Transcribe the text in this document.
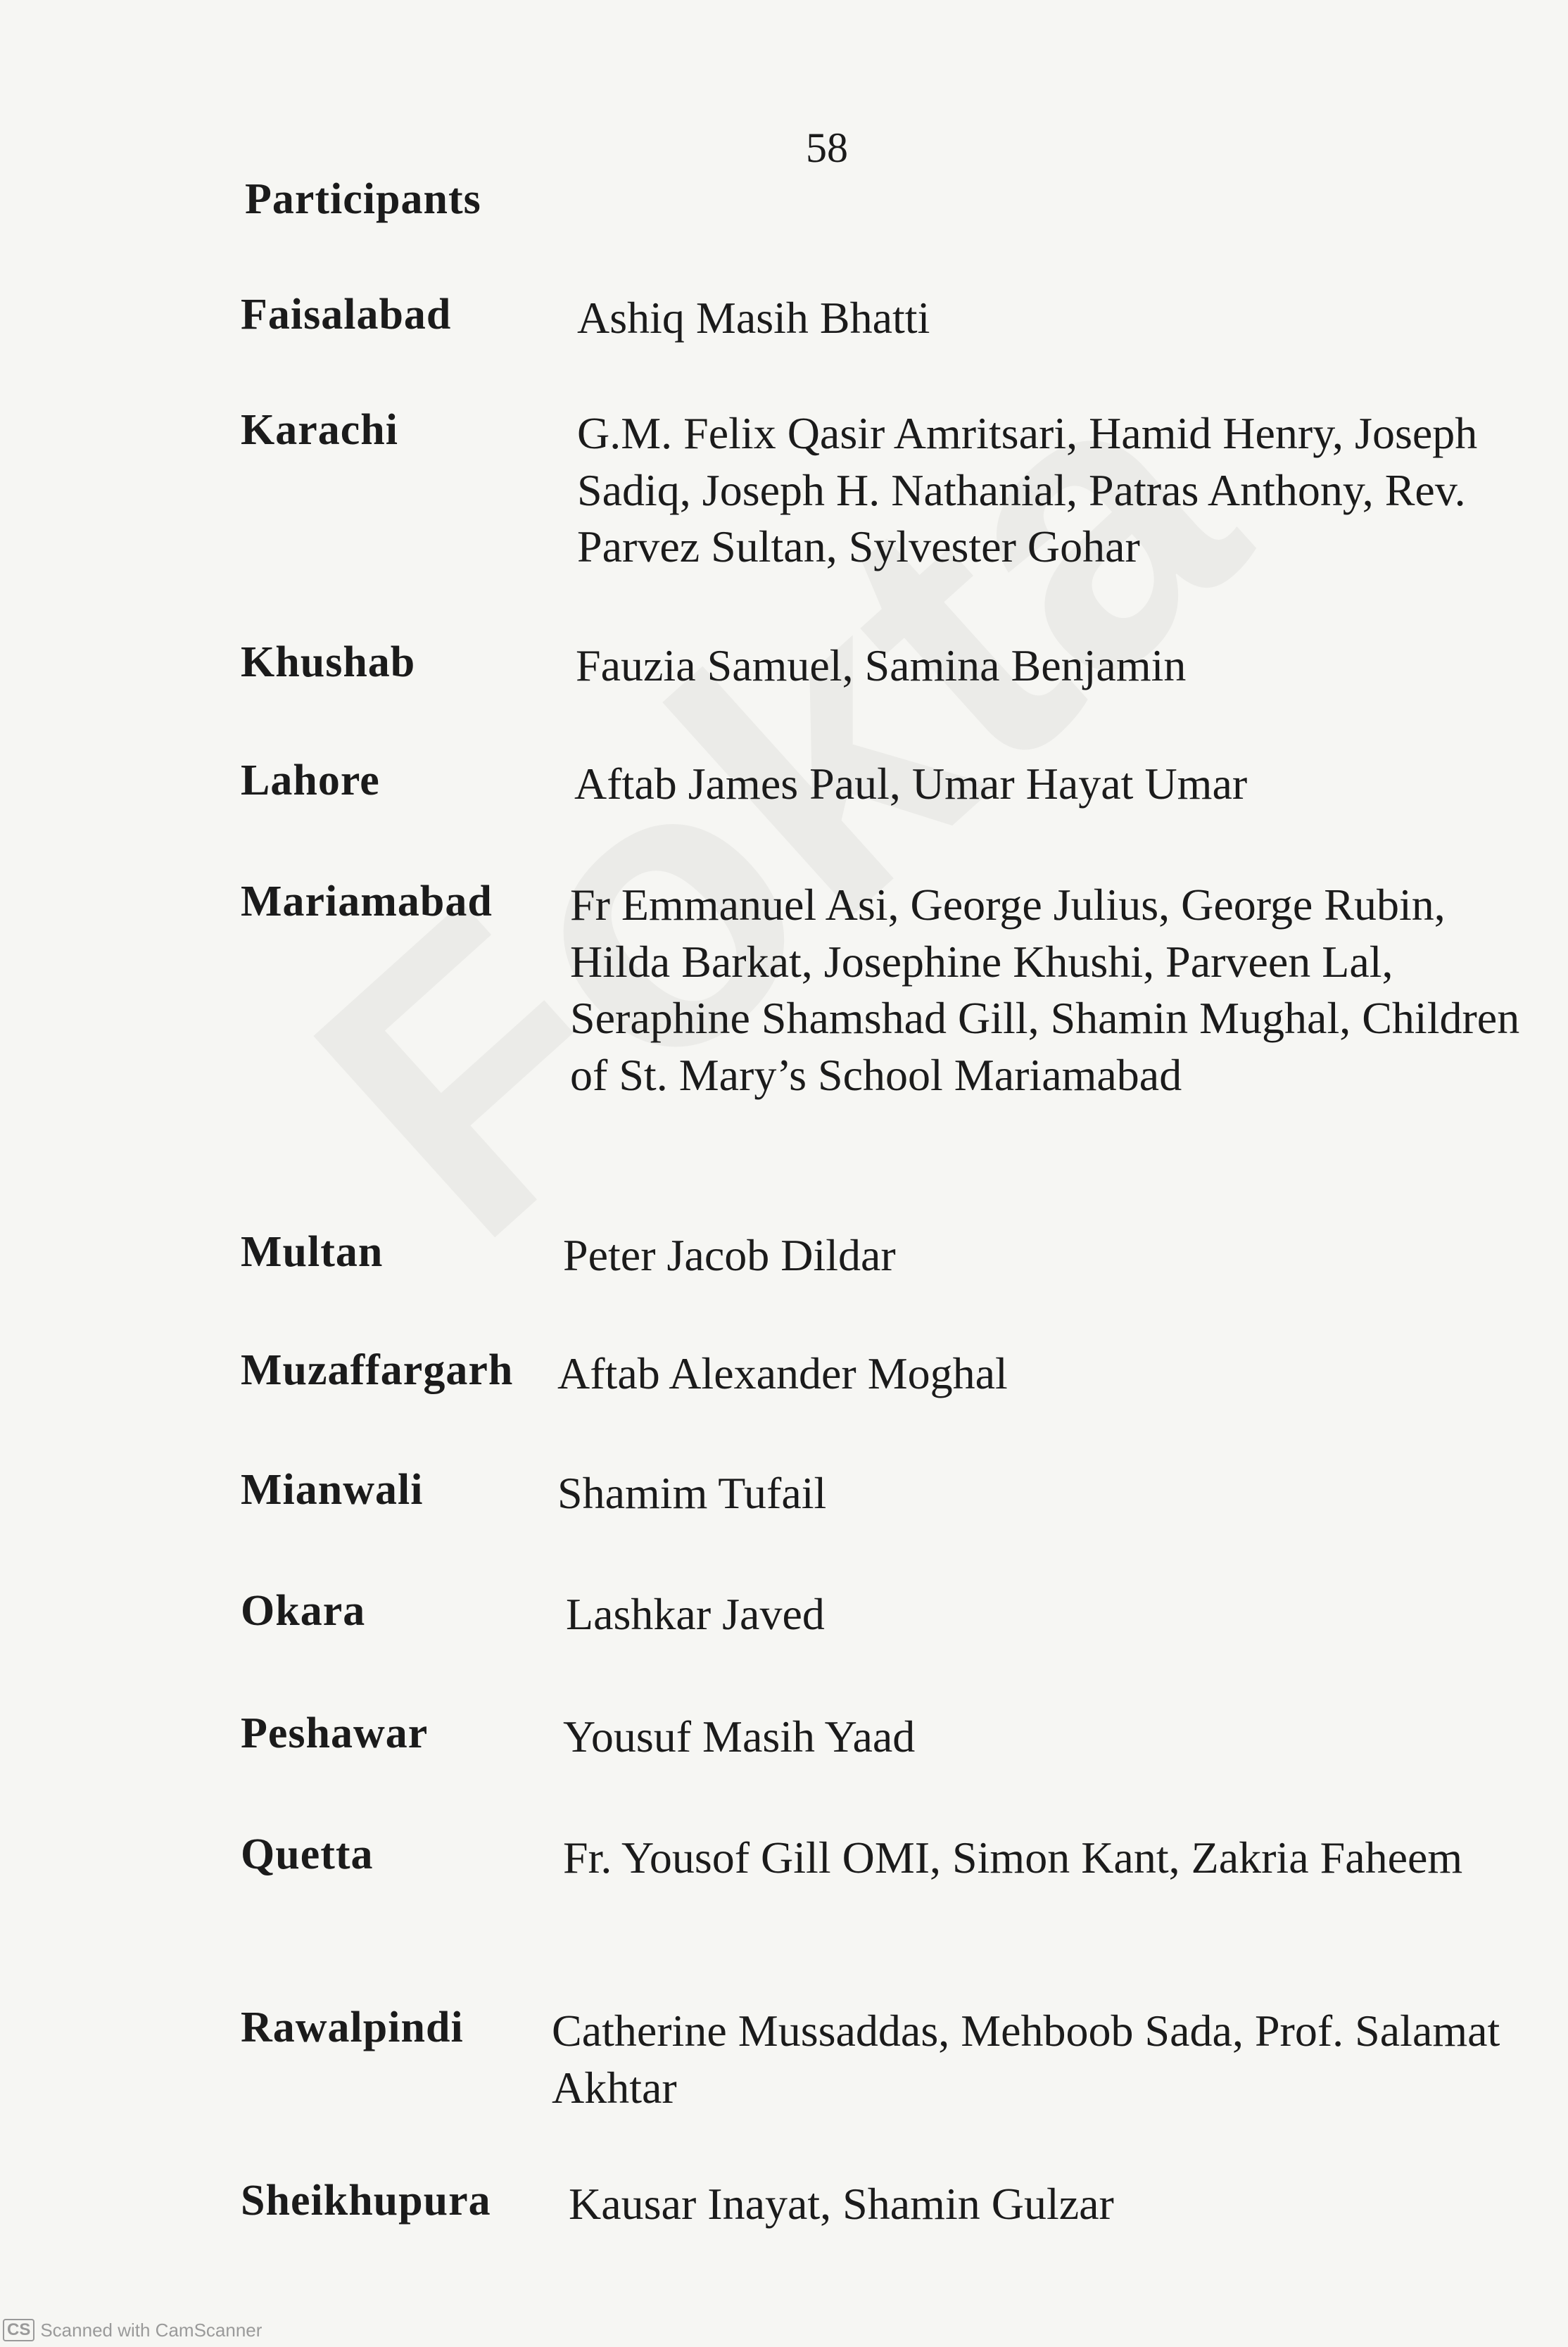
58
Participants
Faisalabad	Ashiq Masih Bhatti
Karachi	G.M. Felix Qasir Amritsari, Hamid Henry, Joseph Sadiq, Joseph H. Nathanial, Patras Anthony, Rev. Parvez Sultan, Sylvester Gohar
Khushab	Fauzia Samuel, Samina Benjamin
Lahore	Aftab James Paul, Umar Hayat Umar
Mariamabad Fr Emmanuel Asi, George Julius, George Rubin, Hilda Barkat, Josephine Khushi, Parveen Lal, Seraphine Shamshad Gill, Shamin Mughal, Children of St. Mary’s School Mariamabad
Multan	Peter Jacob Dildar
Muzaffargarh Aftab Alexander Moghal
Mianwali	Shamim Tufail
Okara	Lashkar Javed
Peshawar	Yousuf Masih Yaad
Quetta	Fr. Yousof Gill OMI, Simon Kant, Zakria Faheem
Rawalpindi Catherine Mussaddas, Mehboob Sada, Prof. Salamat Akhtar
Sheikhupura Kausar Inayat, Shamin Gulzar
CS Scanned with CamScanner
